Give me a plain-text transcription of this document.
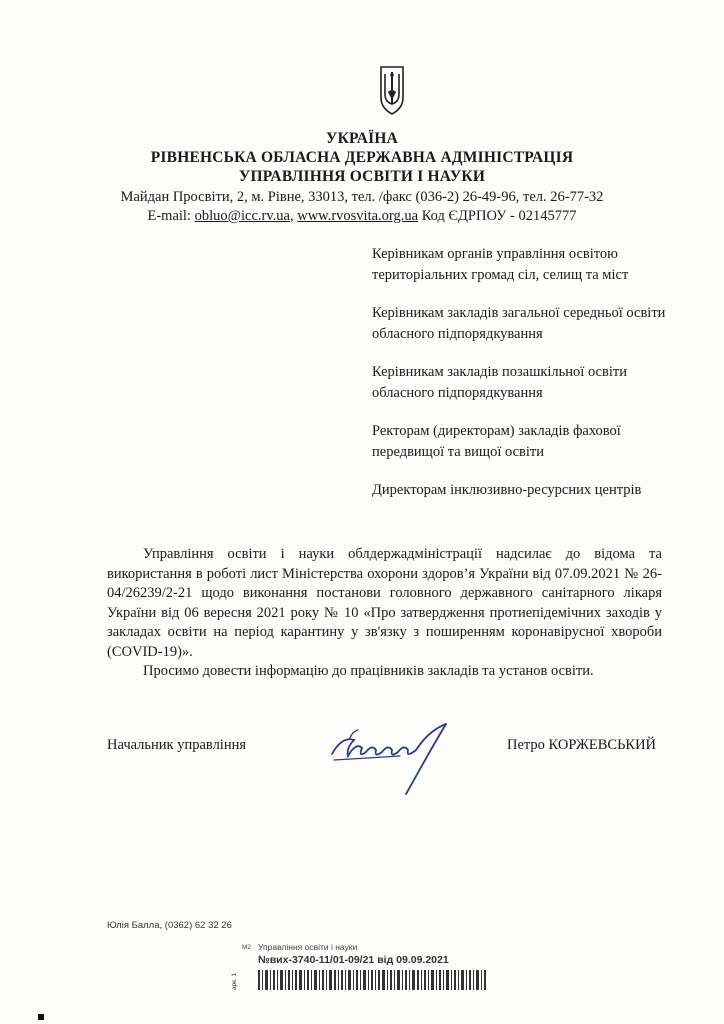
УКРАЇНА
РІВНЕНСЬКА ОБЛАСНА ДЕРЖАВНА АДМІНІСТРАЦІЯ
УПРАВЛІННЯ ОСВІТИ І НАУКИ
Майдан Просвіти, 2, м. Рівне, 33013, тел. /факс (036-2) 26-49-96, тел. 26-77-32
E-mail: obluo@icc.rv.ua, www.rvosvita.org.ua Код ЄДРПОУ - 02145777

Керівникам органів управління освітою територіальних громад сіл, селищ та міст

Керівникам закладів загальної середньої освіти обласного підпорядкування

Керівникам закладів позашкільної освіти обласного підпорядкування

Ректорам (директорам) закладів фахової передвищої та вищої освіти

Директорам інклюзивно-ресурсних центрів

Управління освіти і науки облдержадміністрації надсилає до відома та використання в роботі лист Міністерства охорони здоров’я України від 07.09.2021 № 26-04/26239/2-21 щодо виконання постанови головного державного санітарного лікаря України від 06 вересня 2021 року № 10 «Про затвердження протиепідемічних заходів у закладах освіти на період карантину у зв'язку з поширенням коронавірусної хвороби (COVID-19)».

Просимо довести інформацію до працівників закладів та установ освіти.

Начальник управління	Петро КОРЖЕВСЬКИЙ
Юлія Балла, (0362) 62 32 26
М2 Управління освіти і науки
№вих-3740-11/01-09/21 від 09.09.2021
арк. 1
